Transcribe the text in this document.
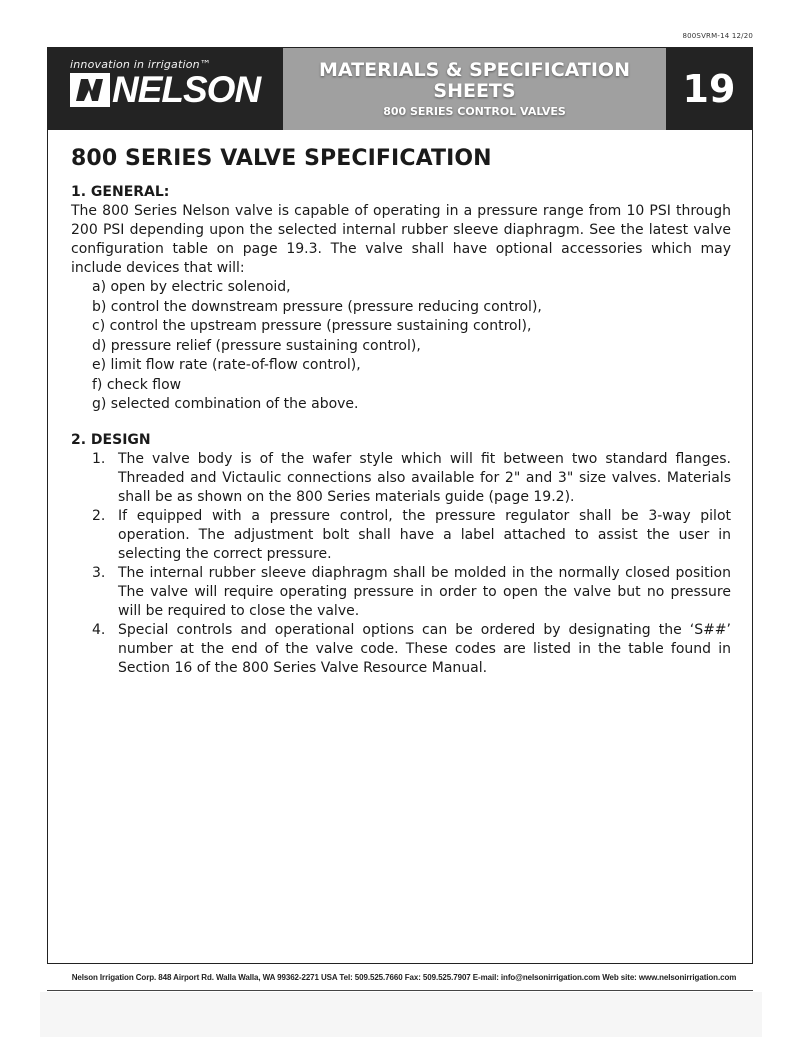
800SVRM-14 12/20
innovation in irrigation™
NELSON	MATERIALS & SPECIFICATION SHEETS
800 SERIES CONTROL VALVES
19
800 SERIES VALVE SPECIFICATION

1. GENERAL:

The 800 Series Nelson valve is capable of operating in a pressure range from 10 PSI through 200 PSI depending upon the selected internal rubber sleeve diaphragm. See the latest valve configuration table on page 19.3. The valve shall have optional accessories which may include devices that will:

a) open by electric solenoid,
b) control the downstream pressure (pressure reducing control),
c) control the upstream pressure (pressure sustaining control),
d) pressure relief (pressure sustaining control),
e) limit flow rate (rate-of-flow control),
f) check flow
g) selected combination of the above.

2. DESIGN

1. The valve body is of the wafer style which will fit between two standard flanges. Threaded and Victaulic connections also available for 2" and 3" size valves. Materials shall be as shown on the 800 Series materials guide (page 19.2).
2. If equipped with a pressure control, the pressure regulator shall be 3-way pilot operation. The adjustment bolt shall have a label attached to assist the user in selecting the correct pressure.
3. The internal rubber sleeve diaphragm shall be molded in the normally closed position The valve will require operating pressure in order to open the valve but no pressure will be required to close the valve.
4. Special controls and operational options can be ordered by designating the ‘S##’ number at the end of the valve code. These codes are listed in the table found in Section 16 of the 800 Series Valve Resource Manual.
Nelson Irrigation Corp. 848 Airport Rd. Walla Walla, WA 99362-2271 USA Tel: 509.525.7660 Fax: 509.525.7907 E-mail: info@nelsonirrigation.com Web site: www.nelsonirrigation.com
